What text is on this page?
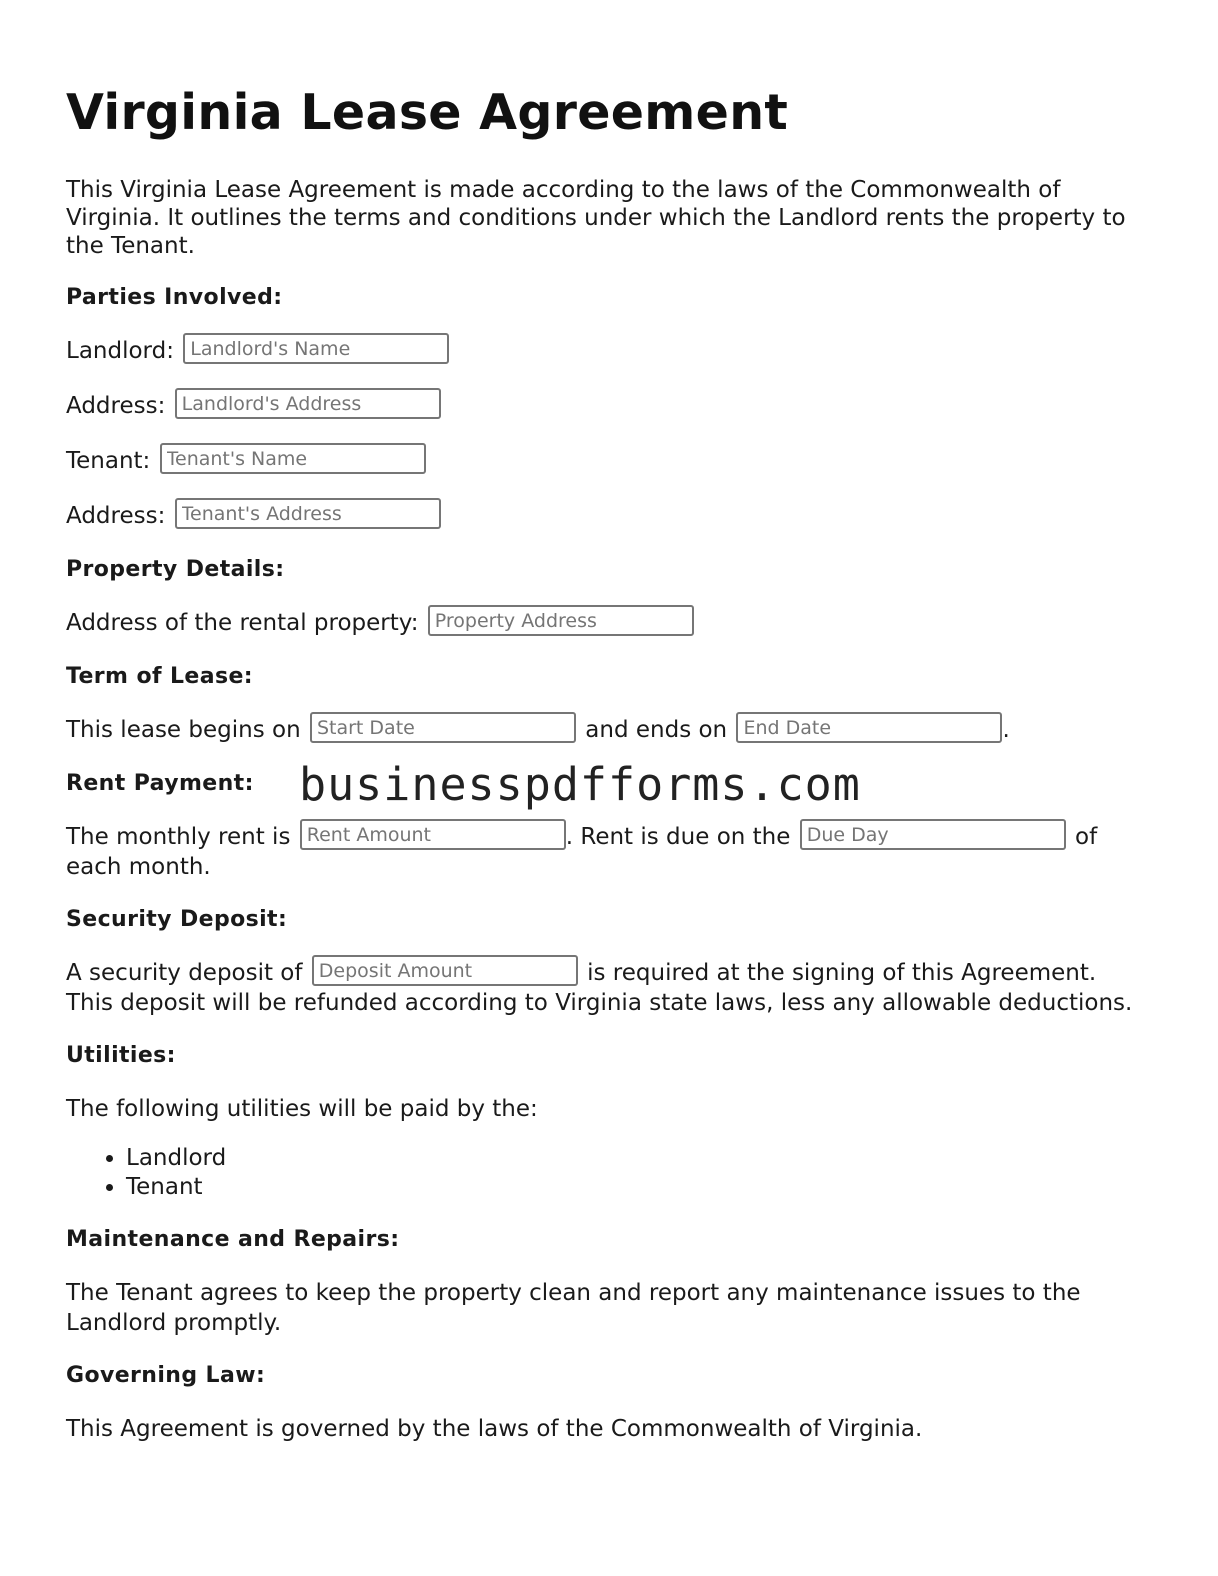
Virginia Lease Agreement

This Virginia Lease Agreement is made according to the laws of the Commonwealth of Virginia. It outlines the terms and conditions under which the Landlord rents the property to the Tenant.

Parties Involved:
Landlord: Landlord's Name
Address: Landlord's Address
Tenant: Tenant's Name
Address: Tenant's Address
Property Details:
Address of the rental property: Property Address
Term of Lease:
This lease begins on Start Date	and ends on End Date	.
Rent Payment:
The monthly rent is Rent Amount	. Rent is due on the Due Day	of each month.
Security Deposit:
A security deposit of Deposit Amount	is required at the signing of this Agreement. This deposit will be refunded according to Virginia state laws, less any allowable deductions.
Utilities:

The following utilities will be paid by the:

• Landlord
• Tenant
Maintenance and Repairs:

The Tenant agrees to keep the property clean and report any maintenance issues to the Landlord promptly.

Governing Law:

This Agreement is governed by the laws of the Commonwealth of Virginia.

businesspdfforms.com
